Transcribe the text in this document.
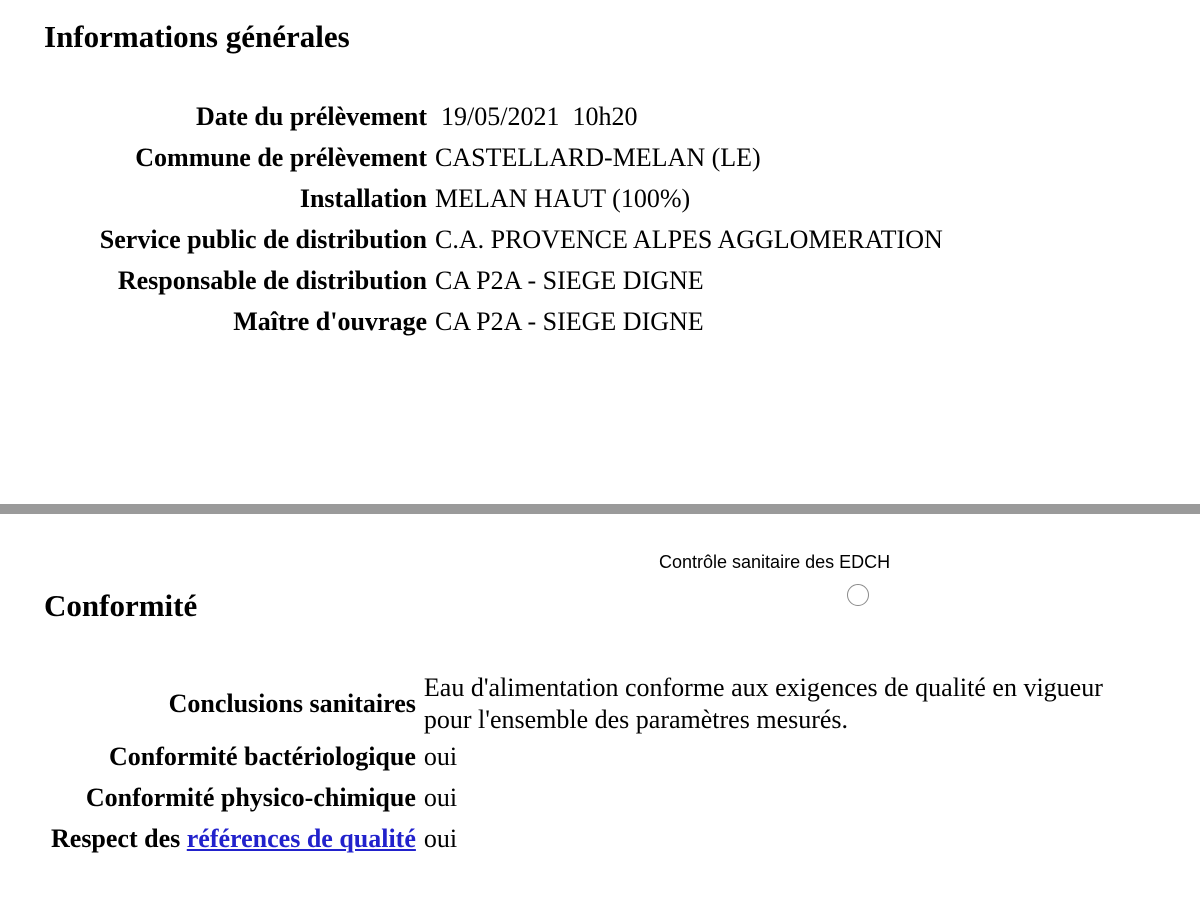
Informations générales
Date du prélèvement	19/05/2021  10h20
Commune de prélèvement	CASTELLARD-MELAN (LE)
Installation	MELAN HAUT (100%)
Service public de distribution	C.A. PROVENCE ALPES AGGLOMERATION
Responsable de distribution	CA P2A - SIEGE DIGNE
Maître d'ouvrage	CA P2A - SIEGE DIGNE
Contrôle sanitaire des EDCH
Conformité
Conclusions sanitaires	Eau d'alimentation conforme aux exigences de qualité en vigueur pour l'ensemble des paramètres mesurés.
Conformité bactériologique	oui
Conformité physico-chimique	oui
Respect des références de qualité	oui
